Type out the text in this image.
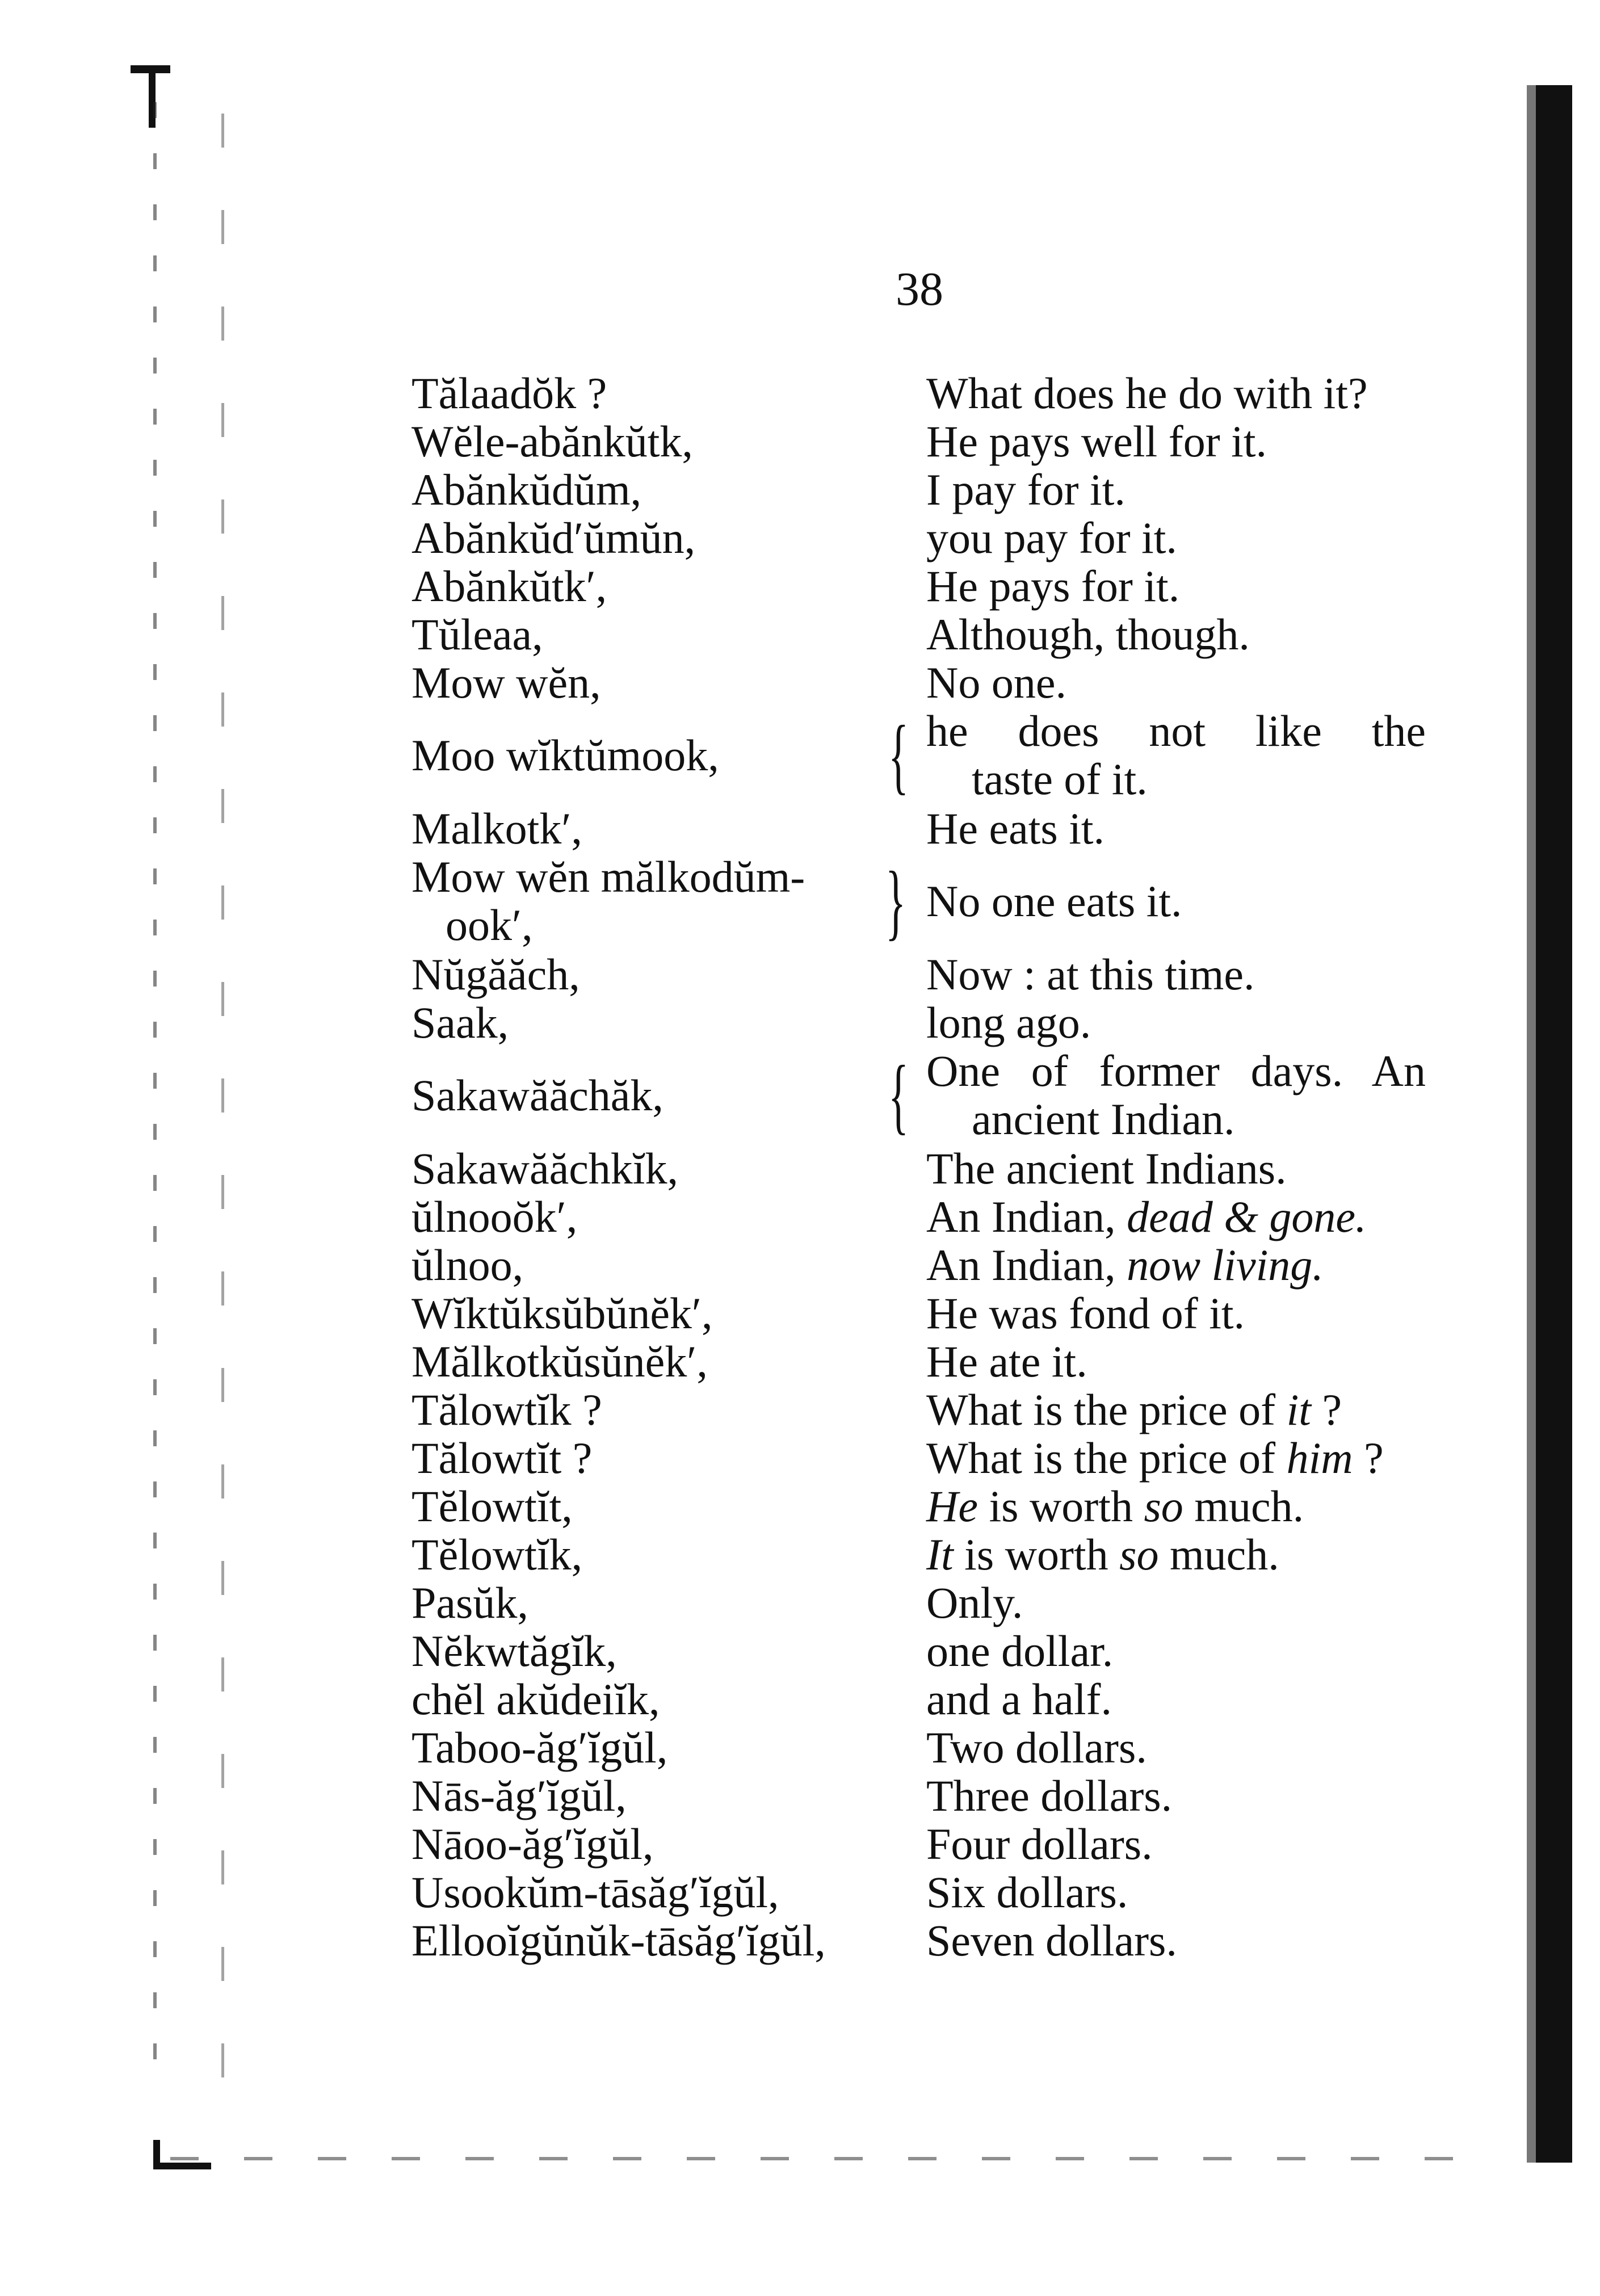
38
Tălaadŏk ?	What does he do with it?
Wĕle-abănkŭtk,	He pays well for it.
Abănkŭdŭm,	I pay for it.
Abănkŭd′ŭmŭn,	you pay for it.
Abănkŭtk′,	He pays for it.
Tŭleaa,	Although, though.
Mow wĕn,	No one.
Moo wĭktŭmook, { he does not like the
taste of it.
Malkotk′,	He eats it.
Mow wĕn mălkodŭm-
ook′,	} No one eats it.
Nŭgăăch,	Now : at this time.
Saak,	long ago.
Sakawăăchăk,	{ One of former days. An
ancient Indian.
Sakawăăchkĭk,	The ancient Indians.
ŭlnooŏk′,	An Indian, dead & gone.
ŭlnoo,	An Indian, now living.
Wĭktŭksŭbŭnĕk′,	He was fond of it.
Mălkotkŭsŭnĕk′,	He ate it.
Tălowtĭk ?	What is the price of it ?
Tălowtĭt ?	What is the price of him ?
Tĕlowtĭt,	He is worth so much.
Tĕlowtĭk,	It is worth so much.
Pasŭk,	Only.
Nĕkwtăgĭk,	one dollar.
chĕl akŭdeiĭk,	and a half.
Taboo-ăg′ĭgŭl,	Two dollars.
Nās-ăg′ĭgŭl,	Three dollars.
Nāoo-ăg′ĭgŭl,	Four dollars.
Usookŭm-tāsăg′ĭgŭl,	Six dollars.
Ellooĭgŭnŭk-tāsăg′ĭgŭl, Seven dollars.
